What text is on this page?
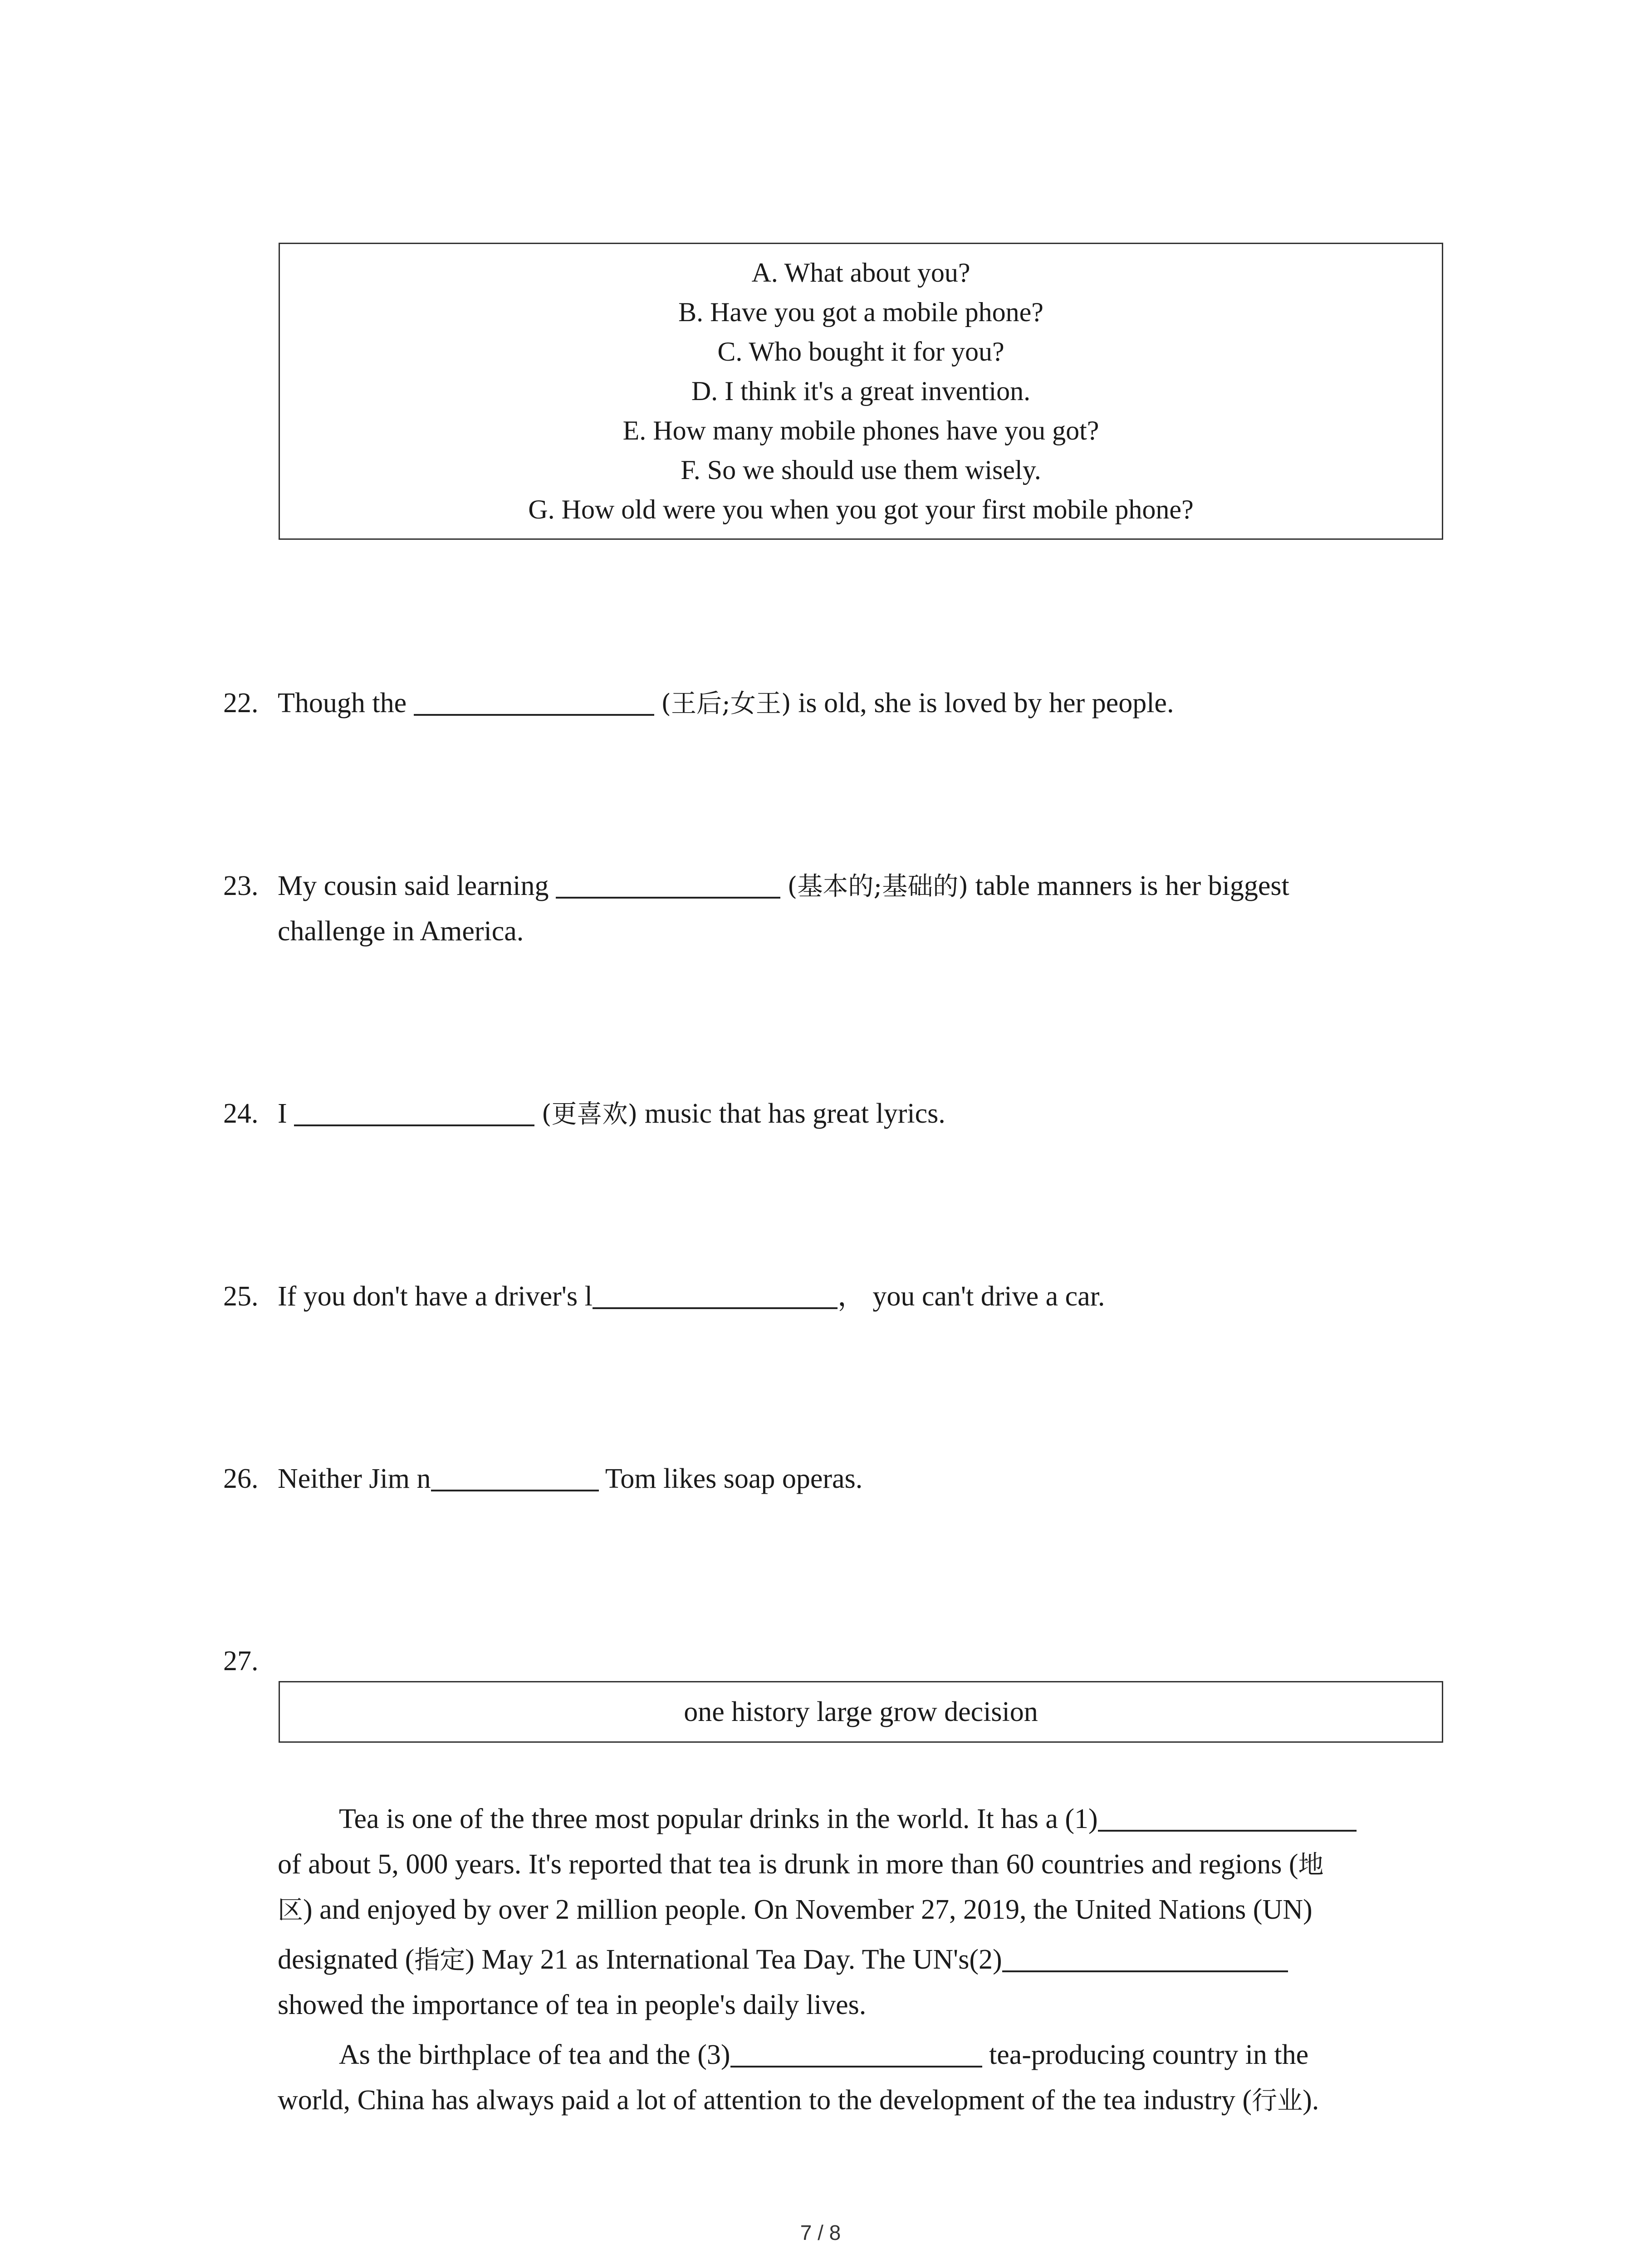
A. What about you?
B. Have you got a mobile phone?
C. Who bought it for you?
D. I think it's a great invention.
E. How many mobile phones have you got?
F. So we should use them wisely.
G. How old were you when you got your first mobile phone?
22. Though the	(王后;女王) is old, she is loved by her people.
23. My cousin said learning	(基本的;基础的) table manners is her biggest
challenge in America.
24. I	(更喜欢) music that has great lyrics.
25. If you don't have a driver's l	， you can't drive a car.
26. Neither Jim n	Tom likes soap operas.
27.
one history large grow decision
Tea is one of the three most popular drinks in the world. It has a (1)
of about 5, 000 years. It's reported that tea is drunk in more than 60 countries and regions (地
区) and enjoyed by over 2 million people. On November 27, 2019, the United Nations (UN)
designated (指定) May 21 as International Tea Day. The UN's(2)
showed the importance of tea in people's daily lives.
As the birthplace of tea and the (3)	tea-producing country in the
world, China has always paid a lot of attention to the development of the tea industry (行业).
7 / 8
